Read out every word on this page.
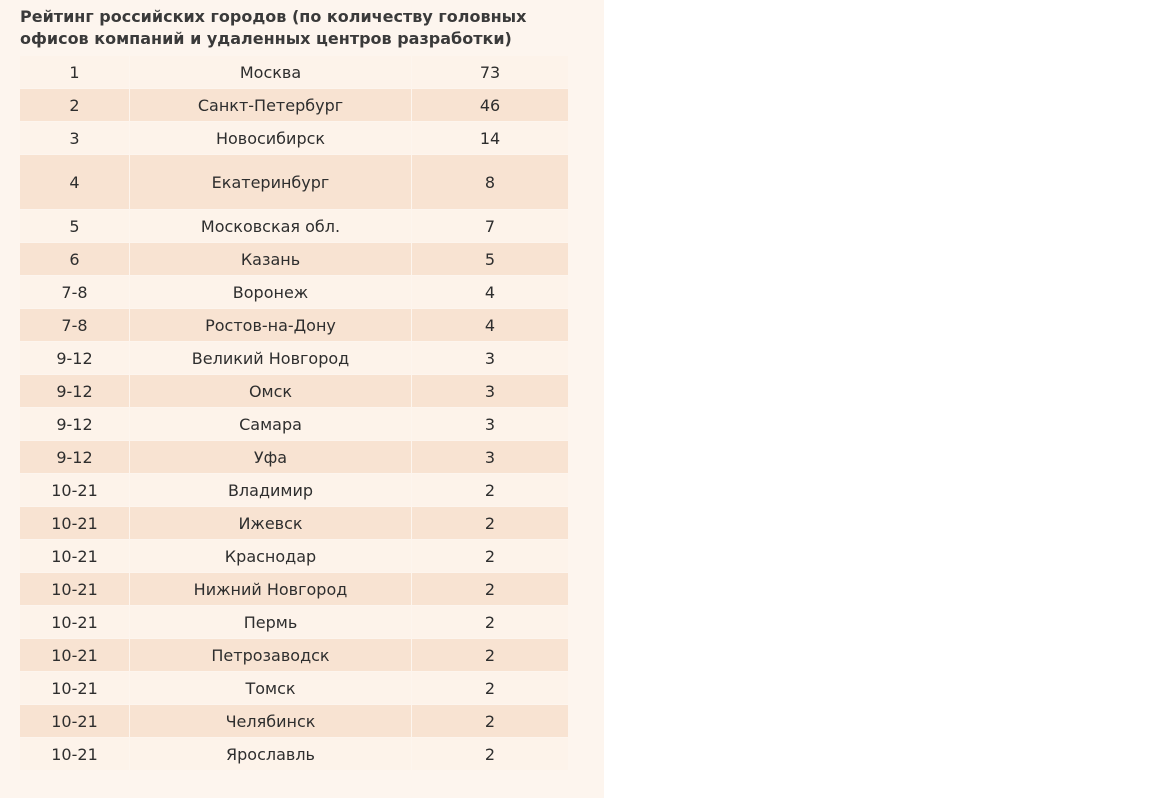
Рейтинг российских городов (по количеству головных офисов компаний и удаленных центров разработки)
1	Москва	73
2	Санкт-Петербург	46
3	Новосибирск	14
4	Екатеринбург	8
5	Московская обл.	7
6	Казань	5
7-8	Воронеж	4
7-8	Ростов-на-Дону	4
9-12	Великий Новгород	3
9-12	Омск	3
9-12	Самара	3
9-12	Уфа	3
10-21	Владимир	2
10-21	Ижевск	2
10-21	Краснодар	2
10-21	Нижний Новгород	2
10-21	Пермь	2
10-21	Петрозаводск	2
10-21	Томск	2
10-21	Челябинск	2
10-21	Ярославль	2
